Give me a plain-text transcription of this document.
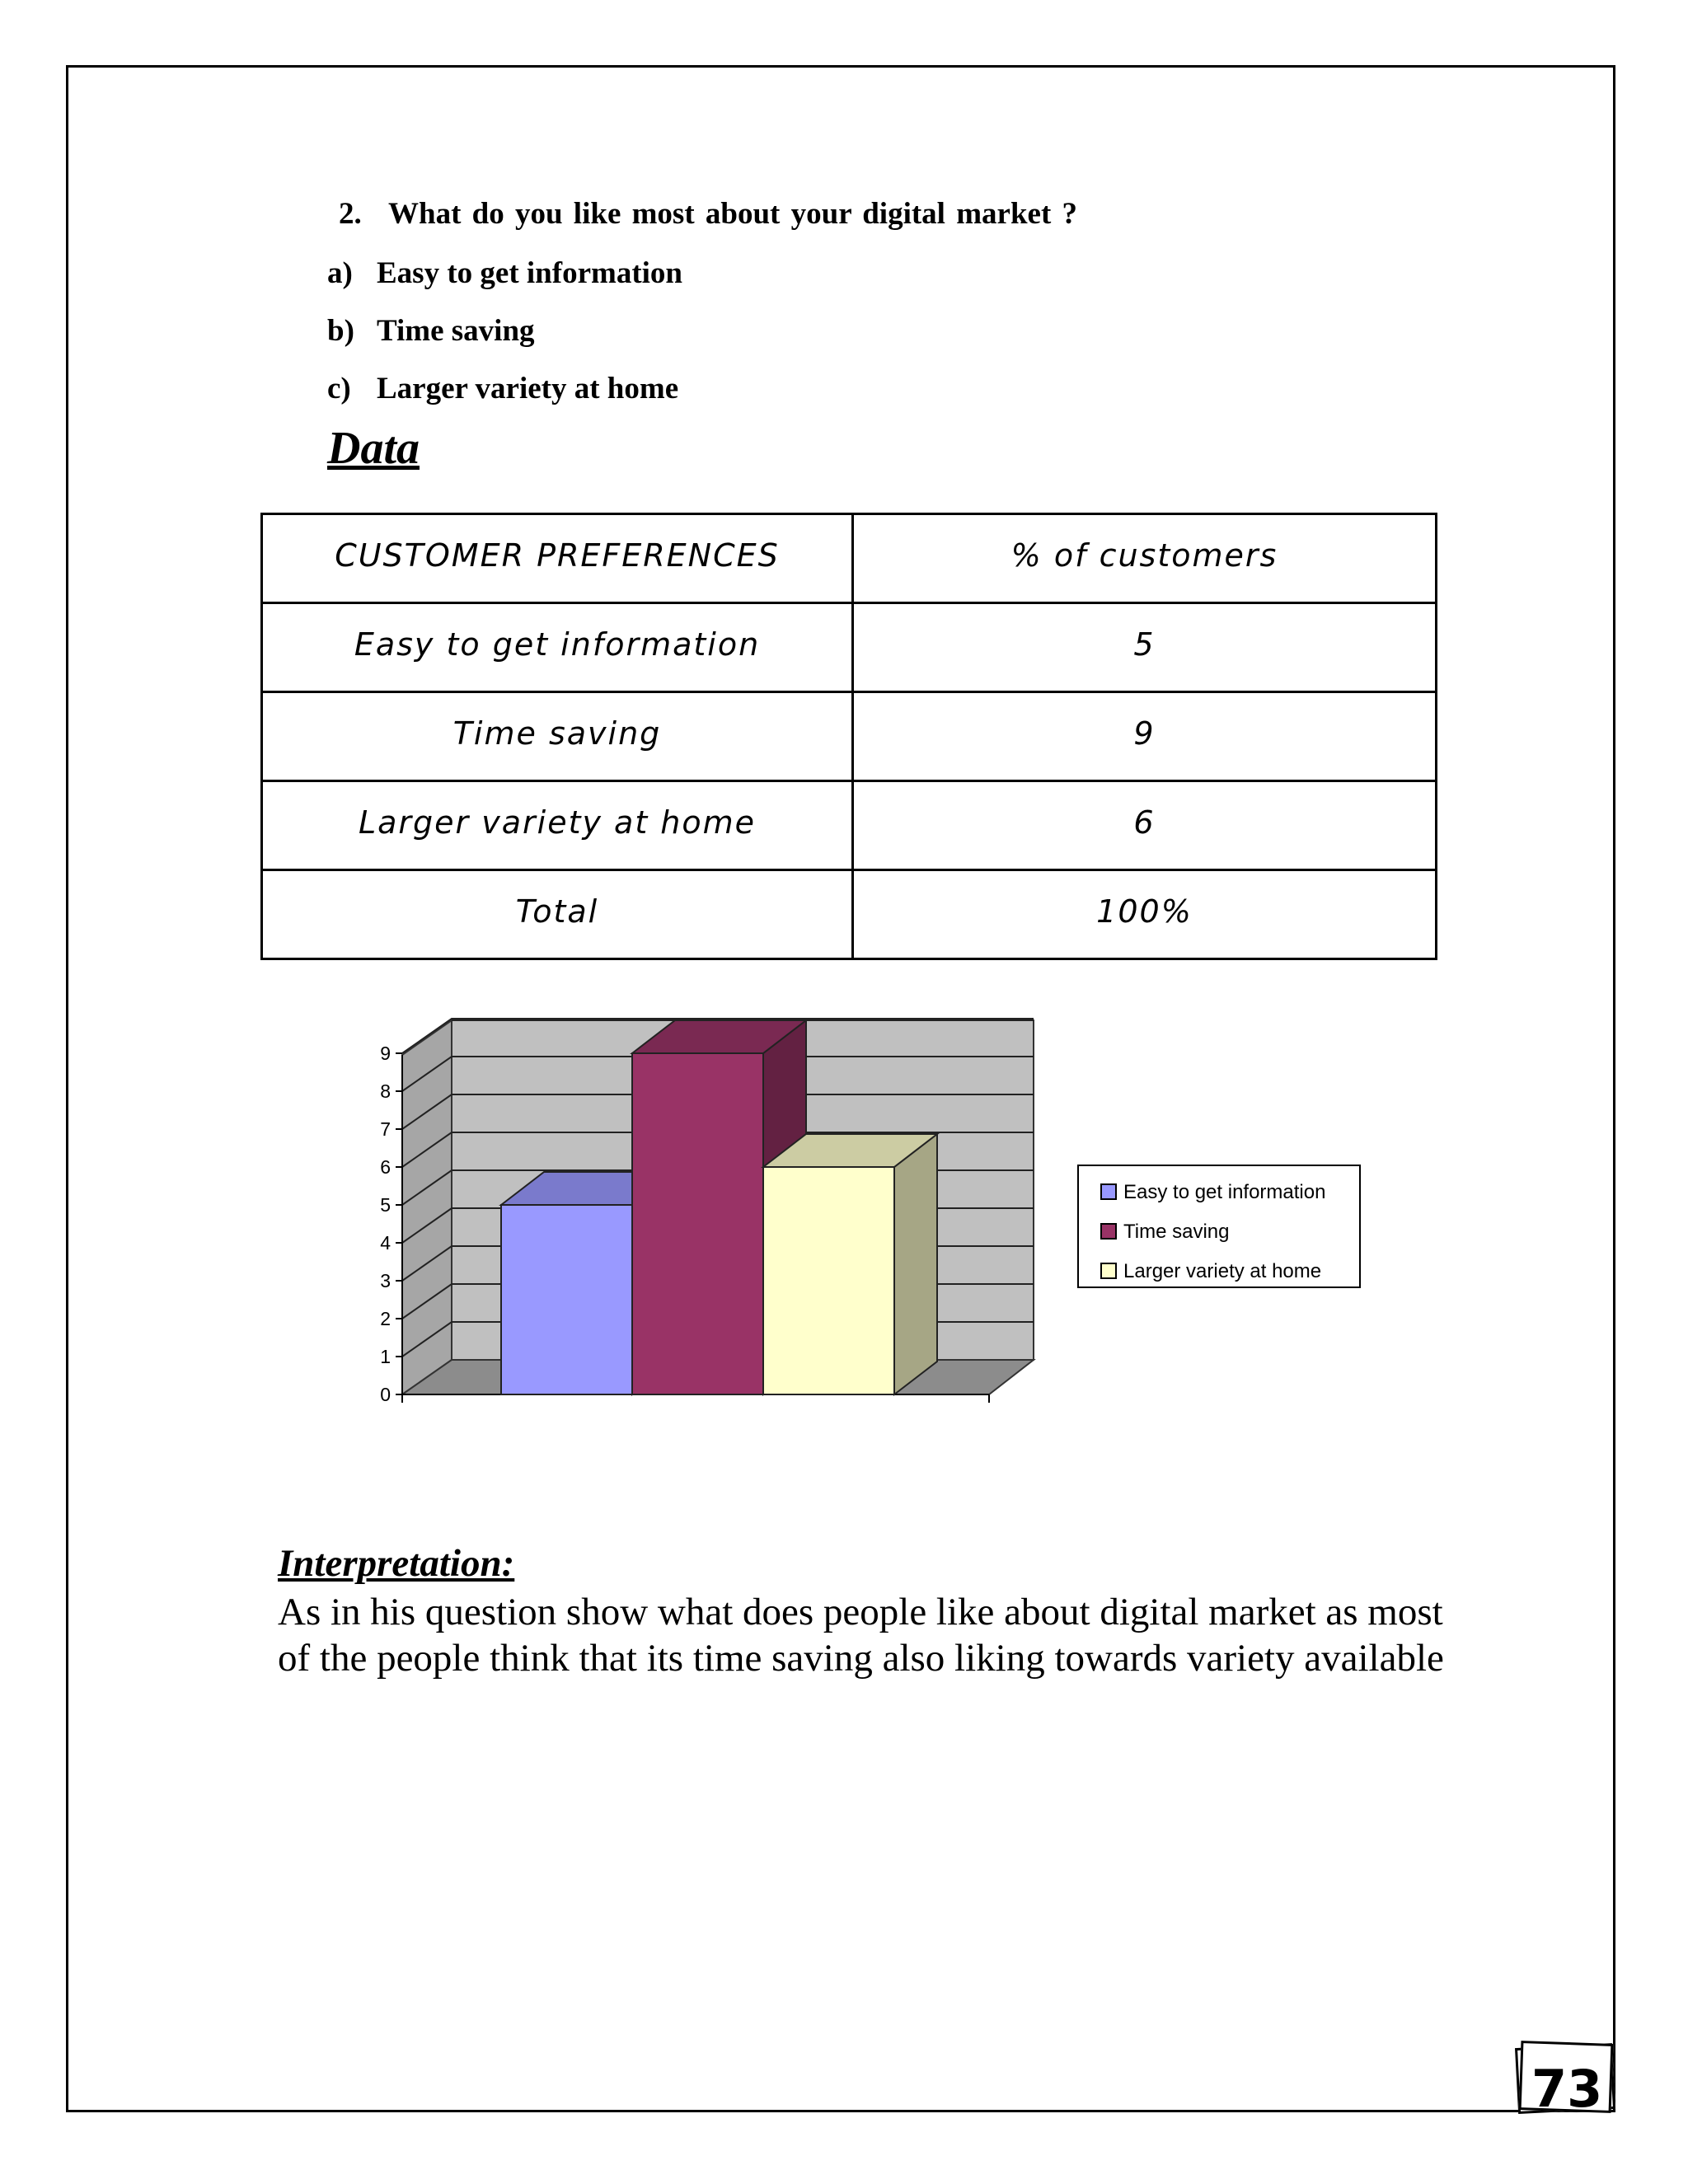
2. What do you like most about your digital market ?
a) Easy to get information
b) Time saving
c) Larger variety at home
Data
CUSTOMER PREFERENCES	% of customers
Easy to get information	5
Time saving	9
Larger variety at home	6
Total	100%
0
1
2
3
4
5
6
7
8
9
Easy to get information
Time saving
Larger variety at home
Interpretation:
As in his question show what does people like about digital market as most
of the people think that its time saving also liking towards variety available
73
